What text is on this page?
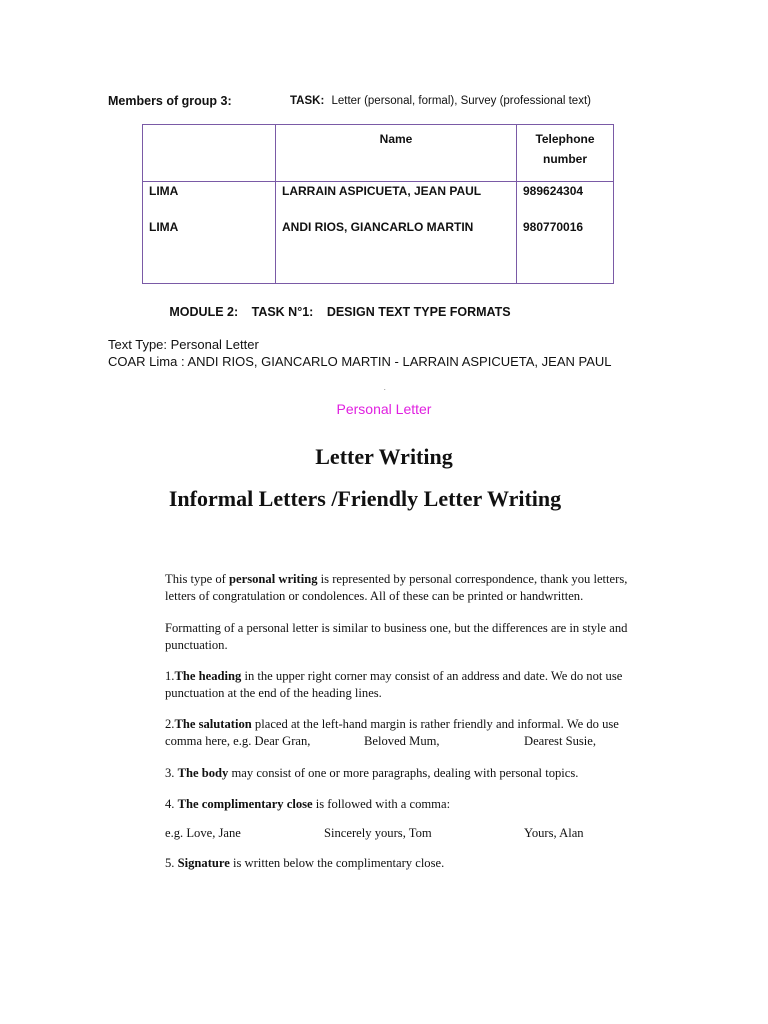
Members of group 3:	TASK: Letter (personal, formal), Survey (professional text)
	Name	Telephone
number

LIMA	LARRAIN ASPICUETA, JEAN PAUL	989624304
LIMA	ANDI RIOS, GIANCARLO MARTIN	980770016

MODULE 2: TASK N°1: DESIGN TEXT TYPE FORMATS
Text Type: Personal Letter
COAR Lima : ANDI RIOS, GIANCARLO MARTIN - LARRAIN ASPICUETA, JEAN PAUL
.
Personal Letter
Letter Writing
Informal Letters /Friendly Letter Writing
This type of personal writing is represented by personal correspondence, thank you letters,
letters of congratulation or condolences. All of these can be printed or handwritten.
Formatting of a personal letter is similar to business one, but the differences are in style and
punctuation.
1.The heading in the upper right corner may consist of an address and date. We do not use
punctuation at the end of the heading lines.
2.The salutation placed at the left-hand margin is rather friendly and informal. We do use
comma here, e.g. Dear Gran,	Beloved Mum,	Dearest Susie,
3. The body may consist of one or more paragraphs, dealing with personal topics.
4. The complimentary close is followed with a comma:
e.g. Love, Jane	Sincerely yours, Tom	Yours, Alan
5. Signature is written below the complimentary close.
